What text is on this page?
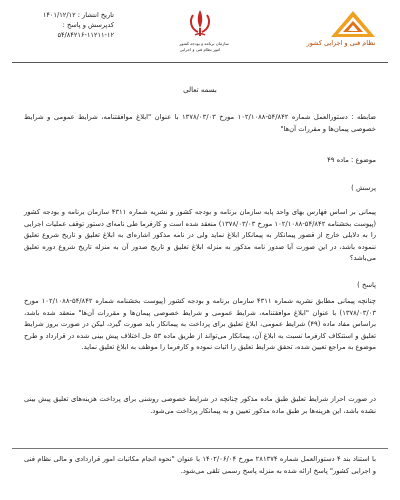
نظام فنی و اجرایی کشور
سازمان برنامه و بودجه کشور
امور نظام فنی و اجرایی
تاریخ انتشار : ۱۴۰۱/۱۲/۱۲
کدپرسش و پاسخ :
۵۴/۸۴۲۱۶-۱۱۲۱۱-۱۲
بسمه تعالی
ضابطه : دستورالعمل شماره ۵۴/۸۴۲-۱۰۲/۱۰۸۸ مورخ ۱۳۷۸/۰۳/۰۳ با عنوان "ابلاغ موافقتنامه، شرایط عمومی و شرایط خصوصی پیمان‌ها و مقررات آن‌ها"
موضوع : ماده ۴۹
پرسش )
پیمانی بر اساس فهارس بهای واحد پایه سازمان برنامه و بودجه کشور و نشریه شماره ۴۳۱۱ سازمان برنامه و بودجه کشور (پیوست بخشنامه ۵۴/۸۴۲-۱۰۲/۱۰۸۸ مورخ ۱۳۷۸/۰۳/۰۳) منعقد شده است و کارفرما طی نامه‌ای دستور توقف عملیات اجرایی را به دلایلی خارج از قصور پیمانکار به پیمانکار ابلاغ نماید ولی در نامه مذکور اشاره‌ای به ابلاغ تعلیق و تاریخ شروع تعلیق ننموده باشد، در این صورت آیا صدور نامه مذکور به منزله ابلاغ تعلیق و تاریخ صدور آن به منزله تاریخ شروع دوره تعلیق می‌باشد؟
پاسخ )
چنانچه پیمانی مطابق نشریه شماره ۴۳۱۱ سازمان برنامه و بودجه کشور (پیوست بخشنامه شماره ۵۴/۸۴۲-۱۰۲/۱۰۸۸ مورخ ۱۳۷۸/۰۳/۰۳) با عنوان "ابلاغ موافقتنامه، شرایط عمومی و شرایط خصوصی پیمان‌ها و مقررات آن‌ها" منعقد شده باشد، براساس مفاد ماده (۴۹) شرایط عمومی، ابلاغ تعلیق برای پرداخت به پیمانکار باید صورت گیرد، لیکن در صورت بروز شرایط تعلیق و استنکاف کارفرما نسبت به ابلاغ آن، پیمانکار می‌تواند از طریق ماده ۵۳ حل اختلاف پیش بینی شده در قرارداد و طرح موضوع به مراجع تعیین شده، تحقق شرایط تعلیق را اثبات نموده و کارفرما را موظف به ابلاغ تعلیق نماید.
در صورت احراز شرایط تعلیق طبق ماده مذکور چنانچه در شرایط خصوصی روشنی برای پرداخت هزینه‌های تعلیق پیش بینی نشده باشد، این هزینه‌ها بر طبق ماده مذکور تعیین و به پیمانکار پرداخت می‌شود.
با استناد بند ۴ دستورالعمل شماره ۲۸۱۳۷۴ مورخ ۱۴۰۲/۰۶/۰۴ با عنوان "نحوه انجام مکاتبات امور قراردادی و مالی نظام فنی و اجرایی کشور" پاسخ ارائه شده به منزله پاسخ رسمی تلقی می‌شود.
